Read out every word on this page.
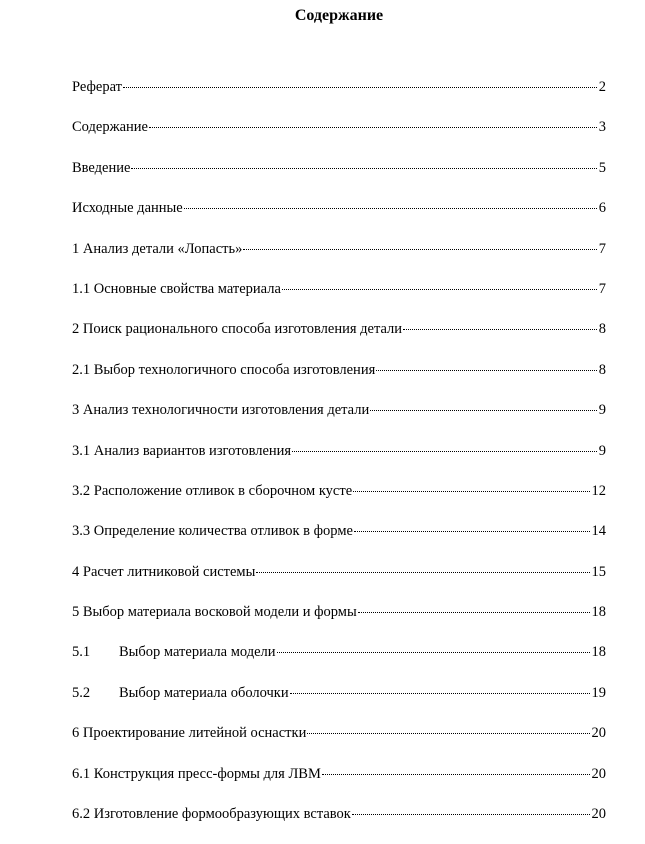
Содержание
Реферат	2
Содержание	3
Введение	5
Исходные данные	6
1 Анализ детали «Лопасть»	7
1.1 Основные свойства материала	7
2 Поиск рационального способа изготовления детали	8
2.1 Выбор технологичного способа изготовления	8
3 Анализ технологичности изготовления детали	9
3.1 Анализ вариантов изготовления	9
3.2 Расположение отливок в сборочном кусте	12
3.3 Определение количества отливок в форме	14
4 Расчет литниковой системы	15
5 Выбор материала восковой модели и формы	18
5.1	Выбор материала модели	18
5.2	Выбор материала оболочки	19
6 Проектирование литейной оснастки	20
6.1 Конструкция пресс-формы для ЛВМ	20
6.2 Изготовление формообразующих вставок	20
